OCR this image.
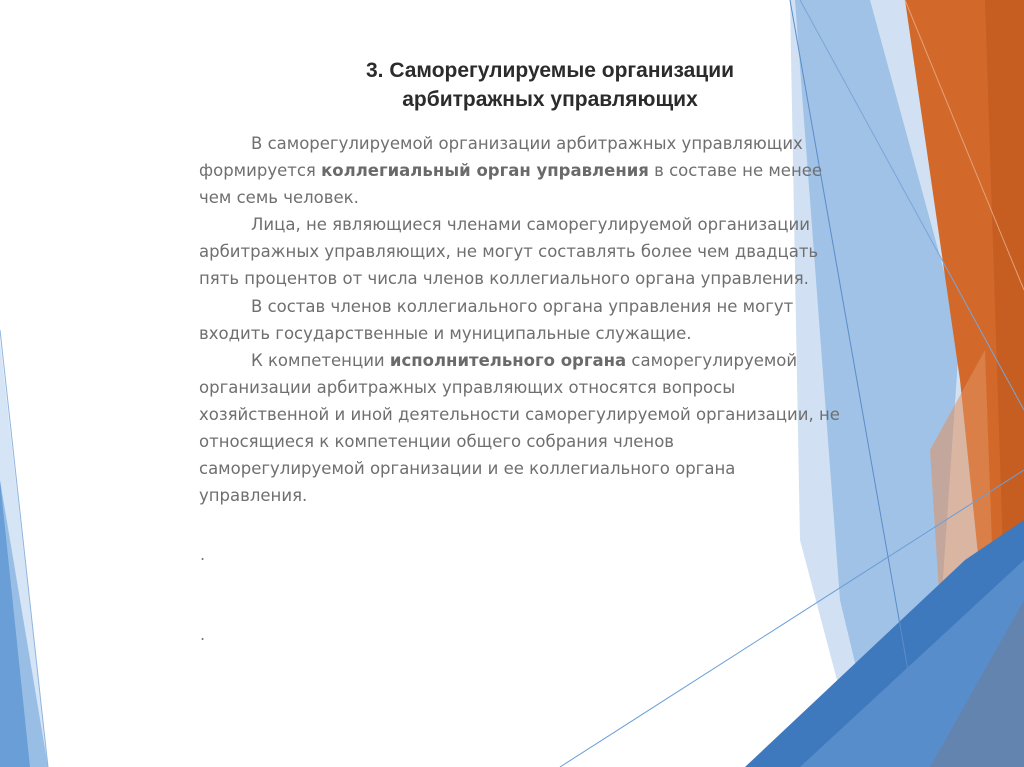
3. Саморегулируемые организации
арбитражных управляющих
В саморегулируемой организации арбитражных управляющих
формируется коллегиальный орган управления в составе не менее
чем семь человек.
Лица, не являющиеся членами саморегулируемой организации
арбитражных управляющих, не могут составлять более чем двадцать
пять процентов от числа членов коллегиального органа управления.
В состав членов коллегиального органа управления не могут
входить государственные и муниципальные служащие.
К компетенции исполнительного органа саморегулируемой
организации арбитражных управляющих относятся вопросы
хозяйственной и иной деятельности саморегулируемой организации, не
относящиеся к компетенции общего собрания членов
саморегулируемой организации и ее коллегиального органа
управления.
.
.
